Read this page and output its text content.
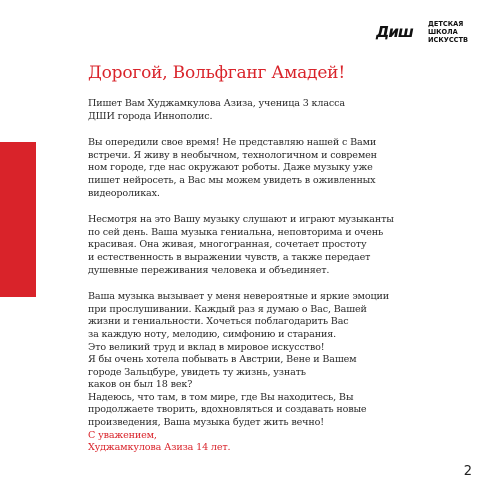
Диш ДЕТСКАЯ
ШКОЛА
ИСКУССТВ
Дорогой, Вольфганг Амадей!

Пишет Вам Худжамкулова Азиза, ученица 3 класса
ДШИ города Иннополис.

Вы опередили свое время! Не представляю нашей с Вами
встречи. Я живу в необычном, технологичном и современ
ном городе, где нас окружают роботы. Даже музыку уже
пишет нейросеть, а Вас мы можем увидеть в оживленных
видеороликах.

Несмотря на это Вашу музыку слушают и играют музыканты
по сей день. Ваша музыка гениальна, неповторима и очень
красивая. Она живая, многогранная, сочетает простоту
и естественность в выражении чувств, а также передает
душевные переживания человека и объединяет.

Ваша музыка вызывает у меня невероятные и яркие эмоции
при прослушивании. Каждый раз я думаю о Вас, Вашей
жизни и гениальности. Хочеться поблагодарить Вас
за каждую ноту, мелодию, симфонию и старания.
Это великий труд и вклад в мировое искусство!
Я бы очень хотела побывать в Австрии, Вене и Вашем
городе Зальцбуре, увидеть ту жизнь, узнать
каков он был 18 век?
Надеюсь, что там, в том мире, где Вы находитесь, Вы
продолжаете творить, вдохновляться и создавать новые
произведения, Ваша музыка будет жить вечно!

С уважением,
Худжамкулова Азиза 14 лет.

2
